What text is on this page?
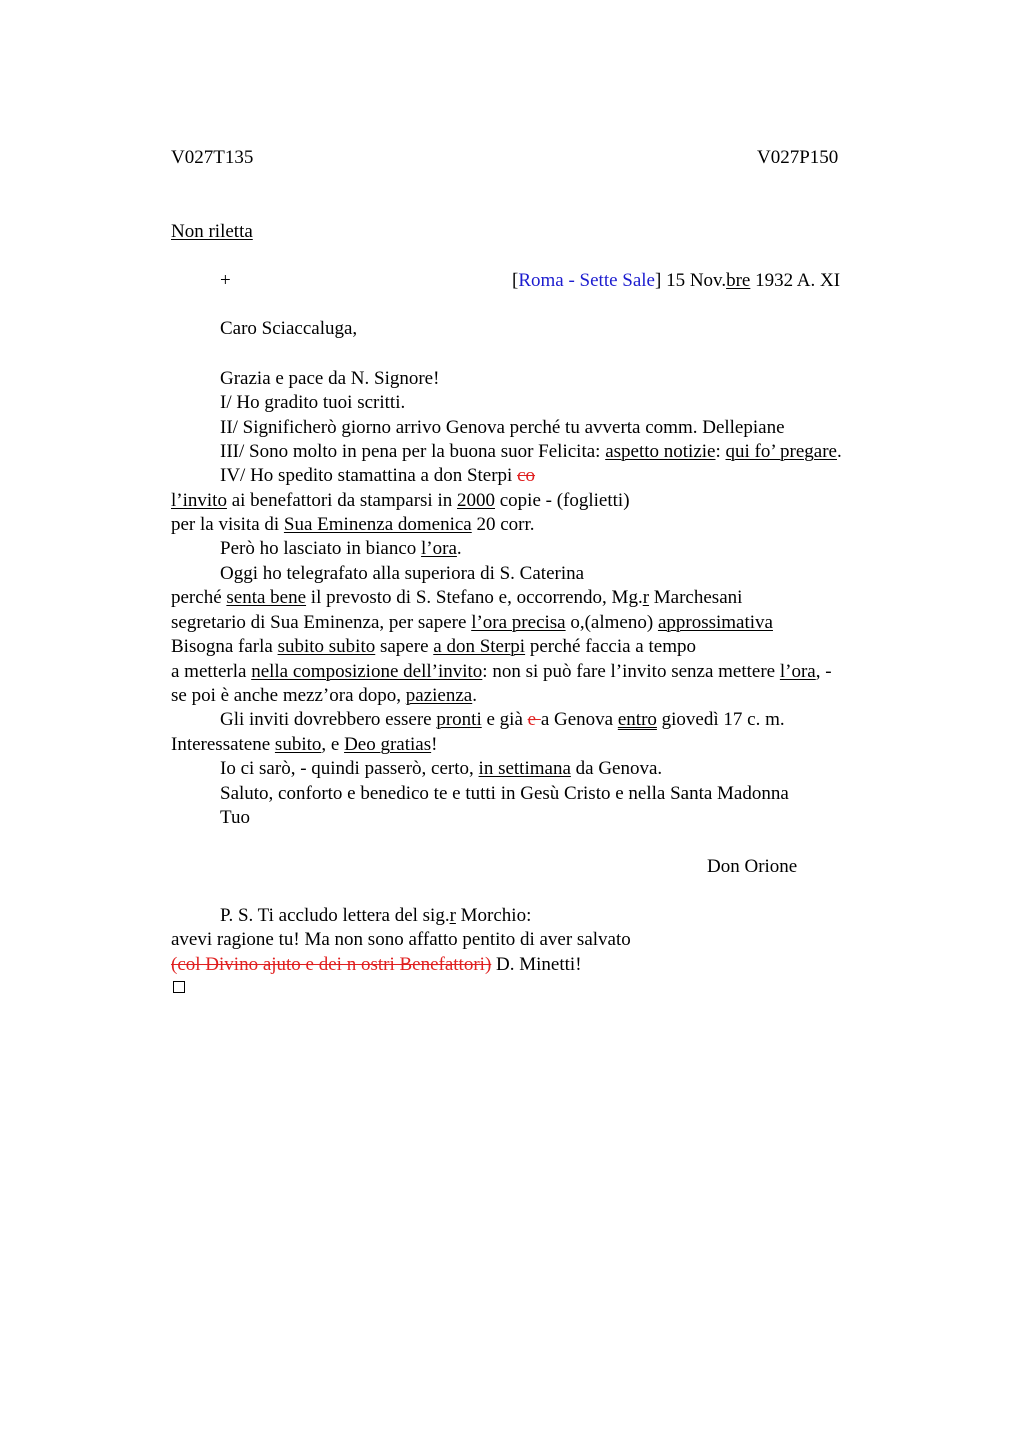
V027T135	V027P150
Non riletta
+	[Roma - Sette Sale] 15 Nov.bre 1932 A. XI
Caro Sciaccaluga,
Grazia e pace da N. Signore!
I/ Ho gradito tuoi scritti.
II/ Significherò giorno arrivo Genova perché tu avverta comm. Dellepiane
III/ Sono molto in pena per la buona suor Felicita: aspetto notizie: qui fo’ pregare.
IV/ Ho spedito stamattina a don Sterpi co
l’invito ai benefattori da stamparsi in 2000 copie - (foglietti)
per la visita di Sua Eminenza domenica 20 corr.
Però ho lasciato in bianco l’ora.
Oggi ho telegrafato alla superiora di S. Caterina
perché senta bene il prevosto di S. Stefano e, occorrendo, Mg.r Marchesani
segretario di Sua Eminenza, per sapere l’ora precisa o,(almeno) approssimativa
Bisogna farla subito subito sapere a don Sterpi perché faccia a tempo
a metterla nella composizione dell’invito: non si può fare l’invito senza mettere l’ora, -
se poi è anche mezz’ora dopo, pazienza.
Gli inviti dovrebbero essere pronti e già e a Genova entro giovedì 17 c. m.
Interessatene subito, e Deo gratias!
Io ci sarò, - quindi passerò, certo, in settimana da Genova.
Saluto, conforto e benedico te e tutti in Gesù Cristo e nella Santa Madonna
Tuo
Don Orione
P. S. Ti accludo lettera del sig.r Morchio:
avevi ragione tu! Ma non sono affatto pentito di aver salvato
(col Divino ajuto e dei n ostri Benefattori) D. Minetti!
